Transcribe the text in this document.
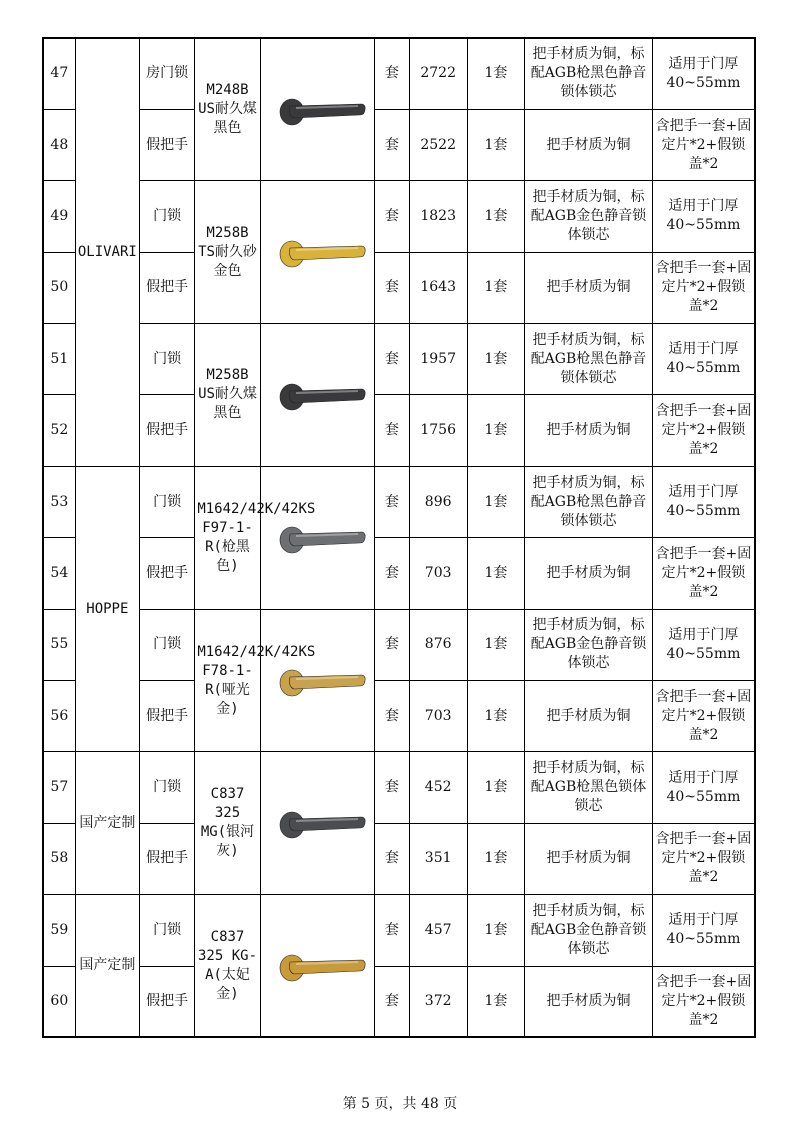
47	OLIVARI	房门锁	M248B US耐久煤黑色		套	2722	1套	把手材质为铜，标配AGB枪黑色静音锁体锁芯	适用于门厚40~55mm
48		假把手			套	2522	1套	把手材质为铜	含把手一套+固定片*2+假锁盖*2
49		门锁	M258B TS耐久砂金色		套	1823	1套	把手材质为铜，标配AGB金色静音锁体锁芯	适用于门厚40~55mm
50		假把手			套	1643	1套	把手材质为铜	含把手一套+固定片*2+假锁盖*2
51		门锁	M258B US耐久煤黑色		套	1957	1套	把手材质为铜，标配AGB枪黑色静音锁体锁芯	适用于门厚40~55mm
52		假把手			套	1756	1套	把手材质为铜	含把手一套+固定片*2+假锁盖*2
53	HOPPE	门锁	M1642/42K/42KS F97-1-R(枪黑色)		套	896	1套	把手材质为铜，标配AGB枪黑色静音锁体锁芯	适用于门厚40~55mm
54		假把手			套	703	1套	把手材质为铜	含把手一套+固定片*2+假锁盖*2
55		门锁	M1642/42K/42KS F78-1-R(哑光金)		套	876	1套	把手材质为铜，标配AGB金色静音锁体锁芯	适用于门厚40~55mm
56		假把手			套	703	1套	把手材质为铜	含把手一套+固定片*2+假锁盖*2
57	国产定制	门锁	C837 325 MG(银河灰)		套	452	1套	把手材质为铜，标配AGB枪黑色锁体锁芯	适用于门厚40~55mm
58		假把手			套	351	1套	把手材质为铜	含把手一套+固定片*2+假锁盖*2
59	国产定制	门锁	C837 325 KG-A(太妃金)		套	457	1套	把手材质为铜，标配AGB金色静音锁体锁芯	适用于门厚40~55mm
60		假把手			套	372	1套	把手材质为铜	含把手一套+固定片*2+假锁盖*2
第 5 页，共 48 页
